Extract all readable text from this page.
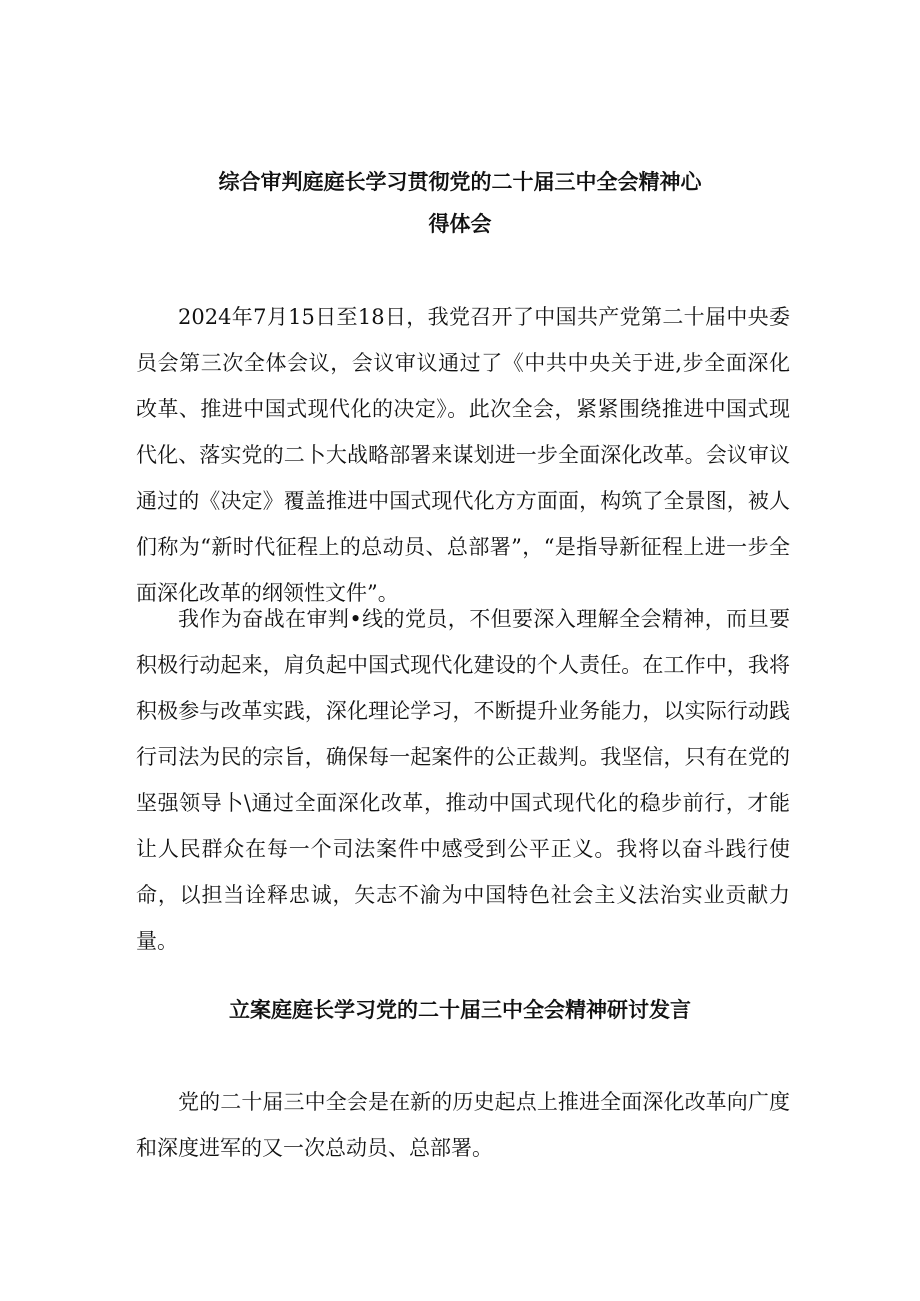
综合审判庭庭长学习贯彻党的二十届三中全会精神心
得体会

2024年7月15日至18日，我党召开了中国共产党第二十届中央委员会第三次全体会议，会议审议通过了《中共中央关于进,步全面深化改革、推进中国式现代化的决定》。此次全会，紧紧围绕推进中国式现代化、落实党的二卜大战略部署来谋划进一步全面深化改革。会议审议通过的《决定》覆盖推进中国式现代化方方面面，构筑了全景图，被人们称为“新时代征程上的总动员、总部署”，“是指导新征程上进一步全面深化改革的纲领性文件”。

我作为奋战在审判•线的党员，不但要深入理解全会精神，而旦要积极行动起来，肩负起中国式现代化建设的个人责任。在工作中，我将积极参与改革实践，深化理论学习，不断提升业务能力，以实际行动践行司法为民的宗旨，确保每一起案件的公正裁判。我坚信，只有在党的坚强领导卜\通过全面深化改革，推动中国式现代化的稳步前行，才能让人民群众在每一个司法案件中感受到公平正义。我将以奋斗践行使命，以担当诠释忠诚，矢志不渝为中国特色社会主义法治实业贡献力量。

立案庭庭长学习党的二十届三中全会精神研讨发言

党的二十届三中全会是在新的历史起点上推进全面深化改革向广度和深度进军的又一次总动员、总部署。
